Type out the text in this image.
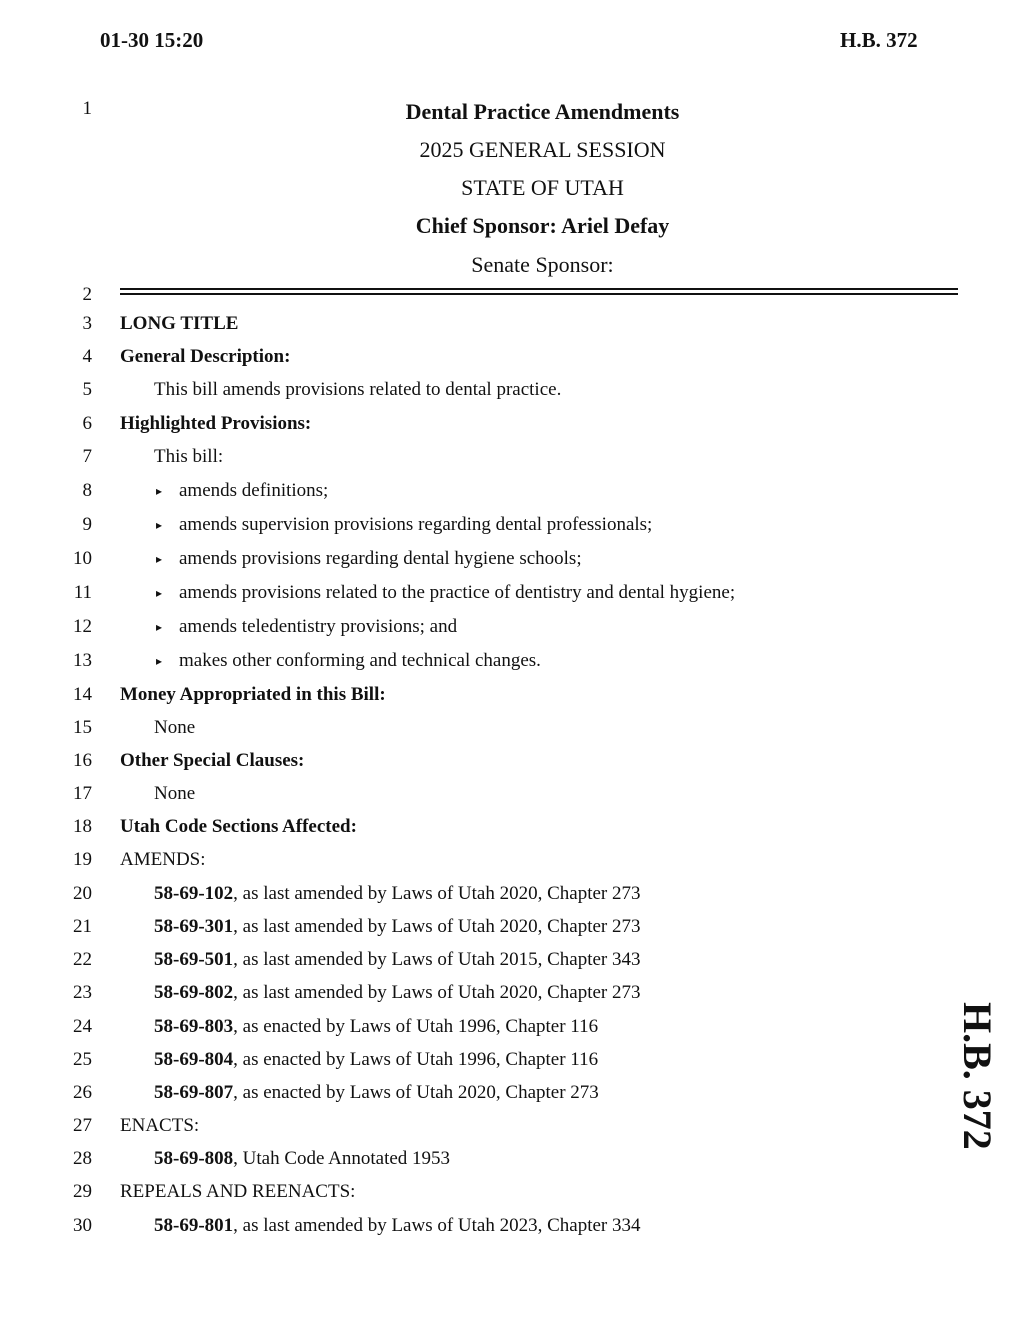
01-30 15:20	H.B. 372
1
2
3
4
5
6
7
8
9
10
11
12
13
14
15
16
17
18
19
20
21
22
23
24
25
26
27
28
29
30
Dental Practice Amendments
2025 GENERAL SESSION
STATE OF UTAH
Chief Sponsor: Ariel Defay
Senate Sponsor:
LONG TITLE
General Description:
This bill amends provisions related to dental practice.
Highlighted Provisions:
This bill:
▸ amends definitions;
▸ amends supervision provisions regarding dental professionals;
▸ amends provisions regarding dental hygiene schools;
▸ amends provisions related to the practice of dentistry and dental hygiene;
▸ amends teledentistry provisions; and
▸ makes other conforming and technical changes.
Money Appropriated in this Bill:
None
Other Special Clauses:
None
Utah Code Sections Affected:
AMENDS:
58-69-102, as last amended by Laws of Utah 2020, Chapter 273
58-69-301, as last amended by Laws of Utah 2020, Chapter 273
58-69-501, as last amended by Laws of Utah 2015, Chapter 343
58-69-802, as last amended by Laws of Utah 2020, Chapter 273
58-69-803, as enacted by Laws of Utah 1996, Chapter 116
58-69-804, as enacted by Laws of Utah 1996, Chapter 116
58-69-807, as enacted by Laws of Utah 2020, Chapter 273
ENACTS:
58-69-808, Utah Code Annotated 1953
REPEALS AND REENACTS:
58-69-801, as last amended by Laws of Utah 2023, Chapter 334
H.B. 372
